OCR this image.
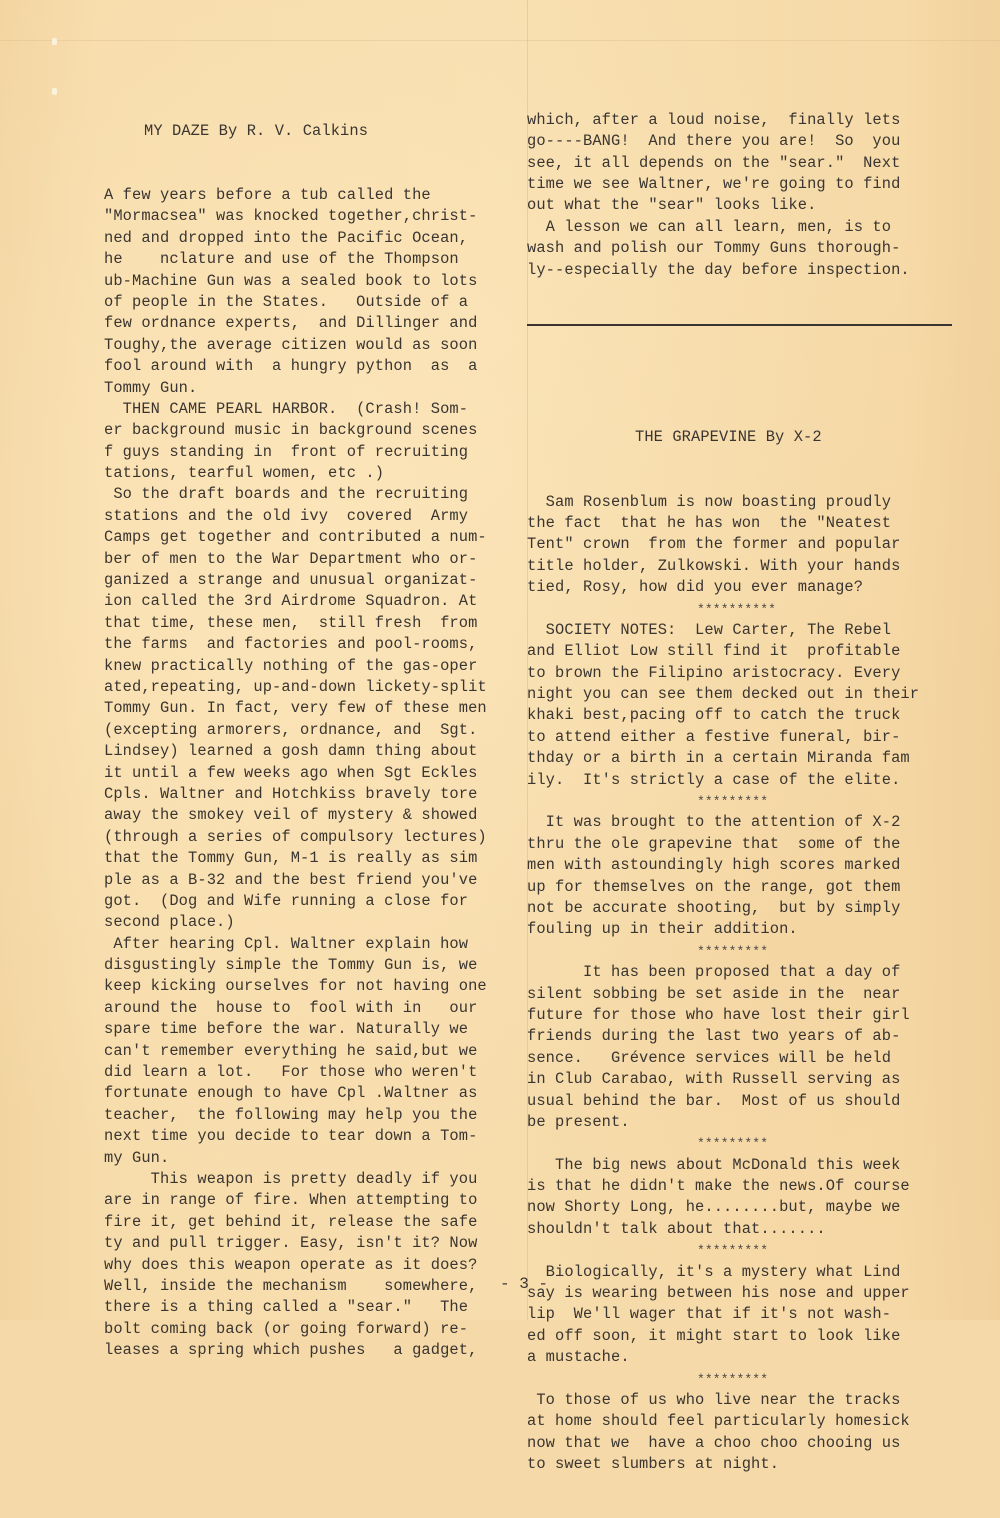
MY DAZE By R. V. Calkins

A few years before a tub called the
"Mormacsea" was knocked together,christ-
ned and dropped into the Pacific Ocean,
he    nclature and use of the Thompson
ub-Machine Gun was a sealed book to lots
of people in the States.   Outside of a
few ordnance experts,  and Dillinger and
Toughy,the average citizen would as soon
fool around with  a hungry python  as  a
Tommy Gun.
THEN CAME PEARL HARBOR.  (Crash! Som-
er background music in background scenes
f guys standing in  front of recruiting
tations, tearful women, etc .)
So the draft boards and the recruiting
stations and the old ivy  covered  Army
Camps get together and contributed a num-
ber of men to the War Department who or-
ganized a strange and unusual organizat-
ion called the 3rd Airdrome Squadron. At
that time, these men,  still fresh  from
the farms  and factories and pool-rooms,
knew practically nothing of the gas-oper
ated,repeating, up-and-down lickety-split
Tommy Gun. In fact, very few of these men
(excepting armorers, ordnance, and  Sgt.
Lindsey) learned a gosh damn thing about
it until a few weeks ago when Sgt Eckles
Cpls. Waltner and Hotchkiss bravely tore
away the smokey veil of mystery & showed
(through a series of compulsory lectures)
that the Tommy Gun, M-1 is really as sim
ple as a B-32 and the best friend you've
got.  (Dog and Wife running a close for
second place.)
After hearing Cpl. Waltner explain how
disgustingly simple the Tommy Gun is, we
keep kicking ourselves for not having one
around the  house to  fool with in   our
spare time before the war. Naturally we
can't remember everything he said,but we
did learn a lot.   For those who weren't
fortunate enough to have Cpl .Waltner as
teacher,  the following may help you the
next time you decide to tear down a Tom-
my Gun.
This weapon is pretty deadly if you
are in range of fire. When attempting to
fire it, get behind it, release the safe
ty and pull trigger. Easy, isn't it? Now
why does this weapon operate as it does?
Well, inside the mechanism    somewhere,
there is a thing called a "sear."   The
bolt coming back (or going forward) re-
leases a spring which pushes   a gadget,

which, after a loud noise,  finally lets
go----BANG!  And there you are!  So  you
see, it all depends on the "sear."  Next
time we see Waltner, we're going to find
out what the "sear" looks like.
A lesson we can all learn, men, is to
wash and polish our Tommy Guns thorough-
ly--especially the day before inspection.

THE GRAPEVINE By X-2

Sam Rosenblum is now boasting proudly
the fact  that he has won  the "Neatest
Tent" crown  from the former and popular
title holder, Zulkowski. With your hands
tied, Rosy, how did you ever manage?
**********
SOCIETY NOTES:  Lew Carter, The Rebel
and Elliot Low still find it  profitable
to brown the Filipino aristocracy. Every
night you can see them decked out in their
khaki best,pacing off to catch the truck
to attend either a festive funeral, bir-
thday or a birth in a certain Miranda fam
ily.  It's strictly a case of the elite.
*********
It was brought to the attention of X-2
thru the ole grapevine that  some of the
men with astoundingly high scores marked
up for themselves on the range, got them
not be accurate shooting,  but by simply
fouling up in their addition.
*********
It has been proposed that a day of
silent sobbing be set aside in the  near
future for those who have lost their girl
friends during the last two years of ab-
sence.   Grévence services will be held
in Club Carabao, with Russell serving as
usual behind the bar.  Most of us should
be present.
*********
The big news about McDonald this week
is that he didn't make the news.Of course
now Shorty Long, he........but, maybe we
shouldn't talk about that.......
*********
Biologically, it's a mystery what Lind
say is wearing between his nose and upper
lip  We'll wager that if it's not wash-
ed off soon, it might start to look like
a mustache.
*********
To those of us who live near the tracks
at home should feel particularly homesick
now that we  have a choo choo chooing us
to sweet slumbers at night.

- 3 -
